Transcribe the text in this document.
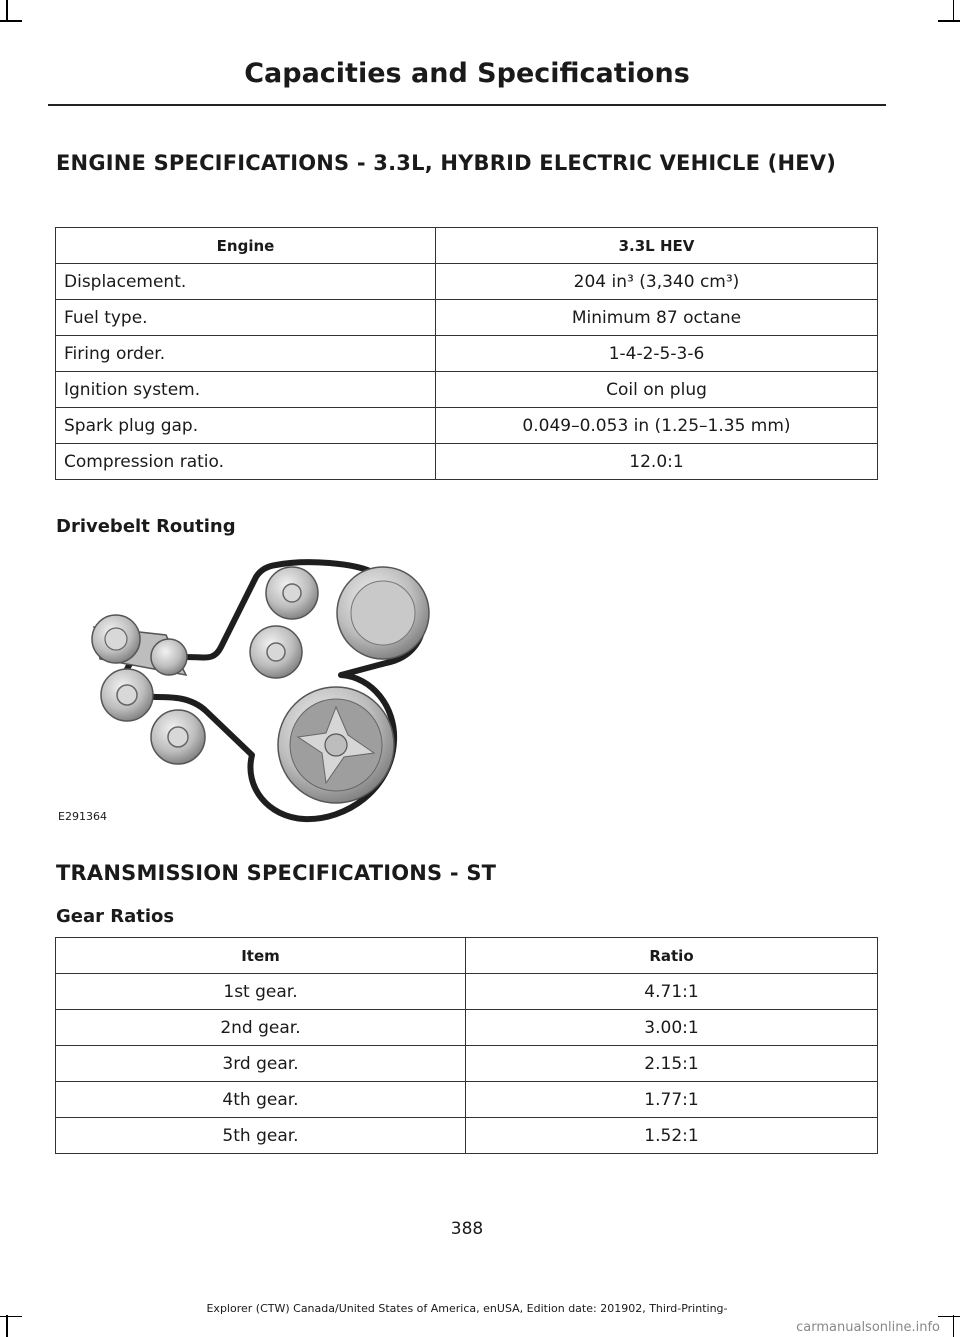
Capacities and Specifications
ENGINE SPECIFICATIONS - 3.3L, HYBRID ELECTRIC VEHICLE (HEV)
Engine	3.3L HEV
Displacement.	204 in³ (3,340 cm³)
Fuel type.	Minimum 87 octane
Firing order.	1-4-2-5-3-6
Ignition system.	Coil on plug
Spark plug gap.	0.049–0.053 in (1.25–1.35 mm)
Compression ratio.	12.0:1
Drivebelt Routing
E291364
TRANSMISSION SPECIFICATIONS - ST
Gear Ratios
Item	Ratio
1st gear.	4.71:1
2nd gear.	3.00:1
3rd gear.	2.15:1
4th gear.	1.77:1
5th gear.	1.52:1
388
Explorer (CTW) Canada/United States of America, enUSA, Edition date: 201902, Third-Printing-
carmanualsonline.info
